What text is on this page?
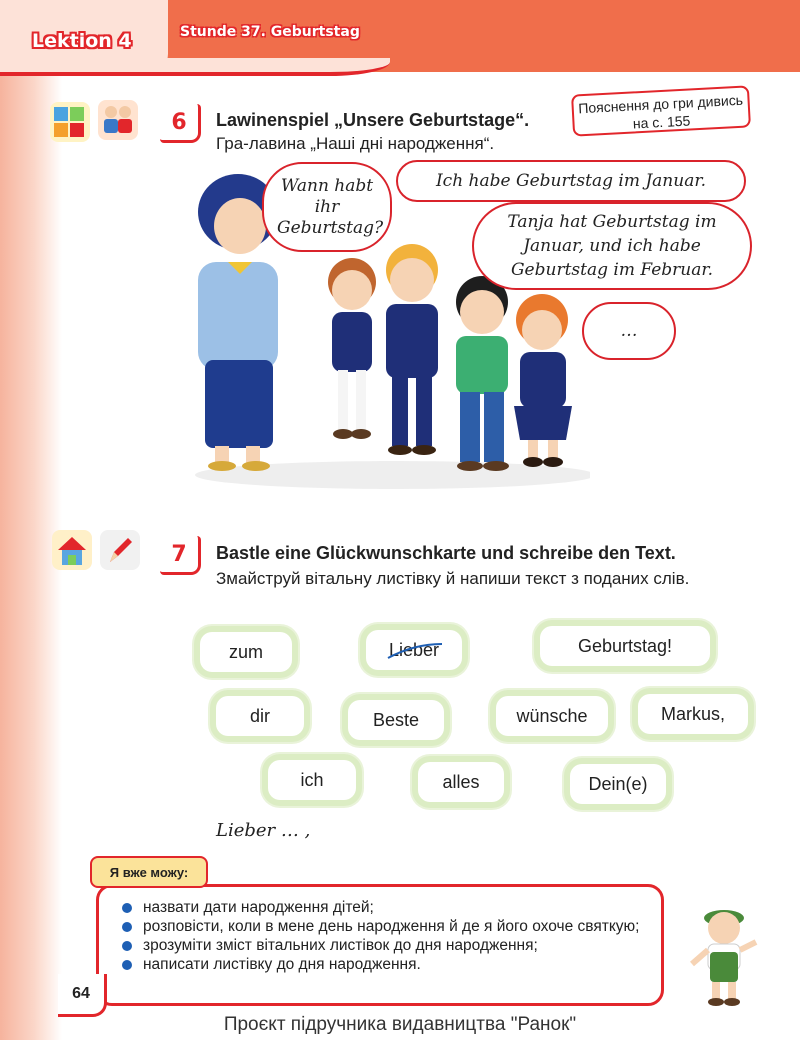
Lektion 4	Stunde 37. Geburtstag
6	Lawinenspiel „Unsere Geburtstage“.
Гра-лавина „Наші дні народження“.
Пояснення до гри дивись на с. 155
Wann habt ihr Geburtstag?
Ich habe Geburtstag im Januar.
Tanja hat Geburtstag im Januar, und ich habe Geburtstag im Februar.
…
7	Bastle eine Glückwunschkarte und schreibe den Text.
Змайструй вітальну листівку й напиши текст з поданих слів.
zum	Lieber	Geburtstag!
dir	Beste	wünsche	Markus,
ich	alles	Dein(e)
Lieber … ,
Я вже можу:
назвати дати народження дітей;
розповісти, коли в мене день народження й де я його охоче святкую;
зрозуміти зміст вітальних листівок до дня народження;
написати листівку до дня народження.
64
Проєкт підручника видавництва "Ранок"
